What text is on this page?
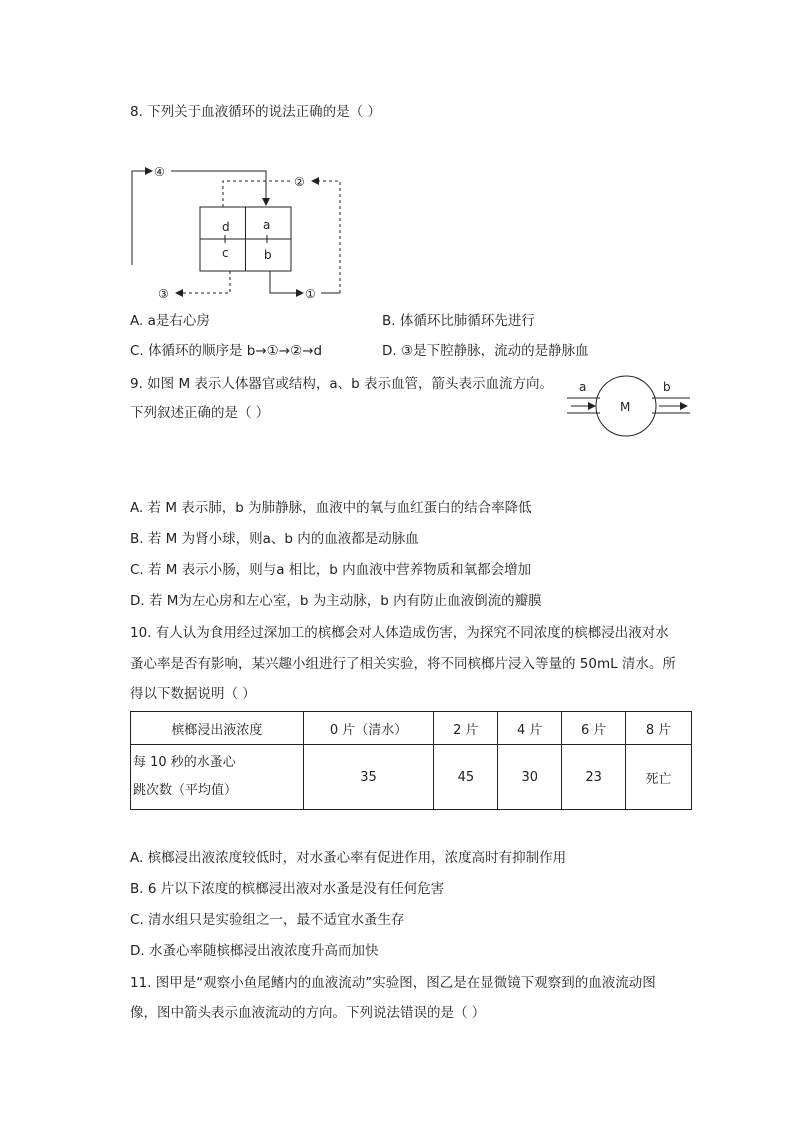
8. 下列关于血液循环的说法正确的是（ ）
d	a
c	b
④
②
①
③
A. a是右心房	B. 体循环比肺循环先进行
C. 体循环的顺序是 b→①→②→d	D. ③是下腔静脉，流动的是静脉血
9. 如图 M 表示人体器官或结构，a、b 表示血管，箭头表示血流方向。
下列叙述正确的是（ ）
a	b
M
A. 若 M 表示肺，b 为肺静脉，血液中的氧与血红蛋白的结合率降低
B. 若 M 为肾小球，则a、b 内的血液都是动脉血
C. 若 M 表示小肠，则与a 相比，b 内血液中营养物质和氧都会增加
D. 若 M为左心房和左心室，b 为主动脉，b 内有防止血液倒流的瓣膜
10. 有人认为食用经过深加工的槟榔会对人体造成伤害，为探究不同浓度的槟榔浸出液对水
蚤心率是否有影响，某兴趣小组进行了相关实验，将不同槟榔片浸入等量的 50mL 清水。所
得以下数据说明（ ）
槟榔浸出液浓度	0 片（清水）	2 片	4 片	6 片	8 片

每 10 秒的水蚤心
跳次数（平均值）	35	45	30	23	死亡
A. 槟榔浸出液浓度较低时，对水蚤心率有促进作用，浓度高时有抑制作用
B. 6 片以下浓度的槟榔浸出液对水蚤是没有任何危害
C. 清水组只是实验组之一，最不适宜水蚤生存
D. 水蚤心率随槟榔浸出液浓度升高而加快
11. 图甲是“观察小鱼尾鳍内的血液流动”实验图，图乙是在显微镜下观察到的血液流动图
像，图中箭头表示血液流动的方向。下列说法错误的是（ ）
